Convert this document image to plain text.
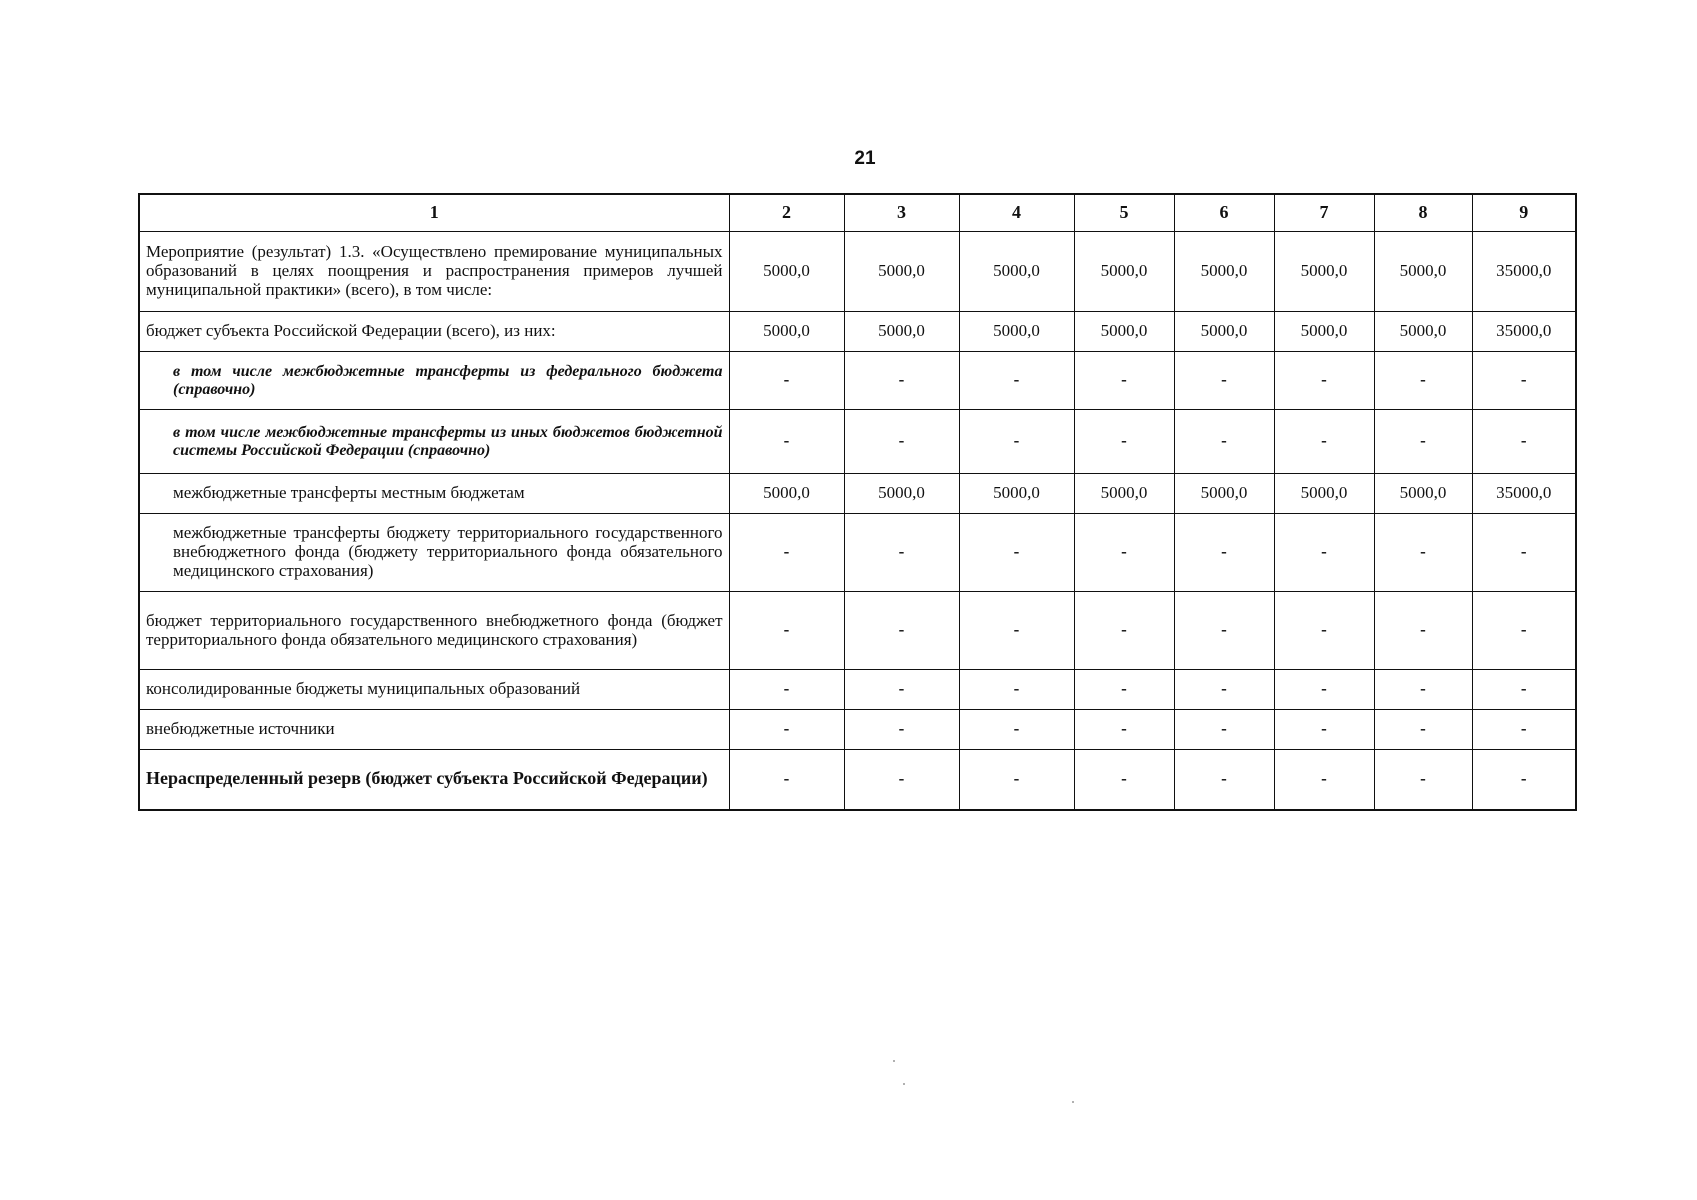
21
1	2	3	4	5	6	7	8	9
Мероприятие (результат) 1.3. «Осуществлено премирование муниципальных образований в целях поощрения и распространения примеров лучшей муниципальной практики» (всего), в том числе:	5000,0	5000,0	5000,0	5000,0	5000,0	5000,0	5000,0	35000,0
бюджет субъекта Российской Федерации (всего), из них:	5000,0	5000,0	5000,0	5000,0	5000,0	5000,0	5000,0	35000,0
в том числе межбюджетные трансферты из федерального бюджета (справочно)	-	-	-	-	-	-	-	-
в том числе межбюджетные трансферты из иных бюджетов бюджетной системы Российской Федерации (справочно)	-	-	-	-	-	-	-	-
межбюджетные трансферты местным бюджетам	5000,0	5000,0	5000,0	5000,0	5000,0	5000,0	5000,0	35000,0
межбюджетные трансферты бюджету территориального государственного внебюджетного фонда (бюджету территориального фонда обязательного медицинского страхования)	-	-	-	-	-	-	-	-
бюджет территориального государственного внебюджетного фонда (бюджет территориального фонда обязательного медицинского страхования)	-	-	-	-	-	-	-	-
консолидированные бюджеты муниципальных образований	-	-	-	-	-	-	-	-
внебюджетные источники	-	-	-	-	-	-	-	-
Нераспределенный резерв (бюджет субъекта Российской Федерации)	-	-	-	-	-	-	-	-
